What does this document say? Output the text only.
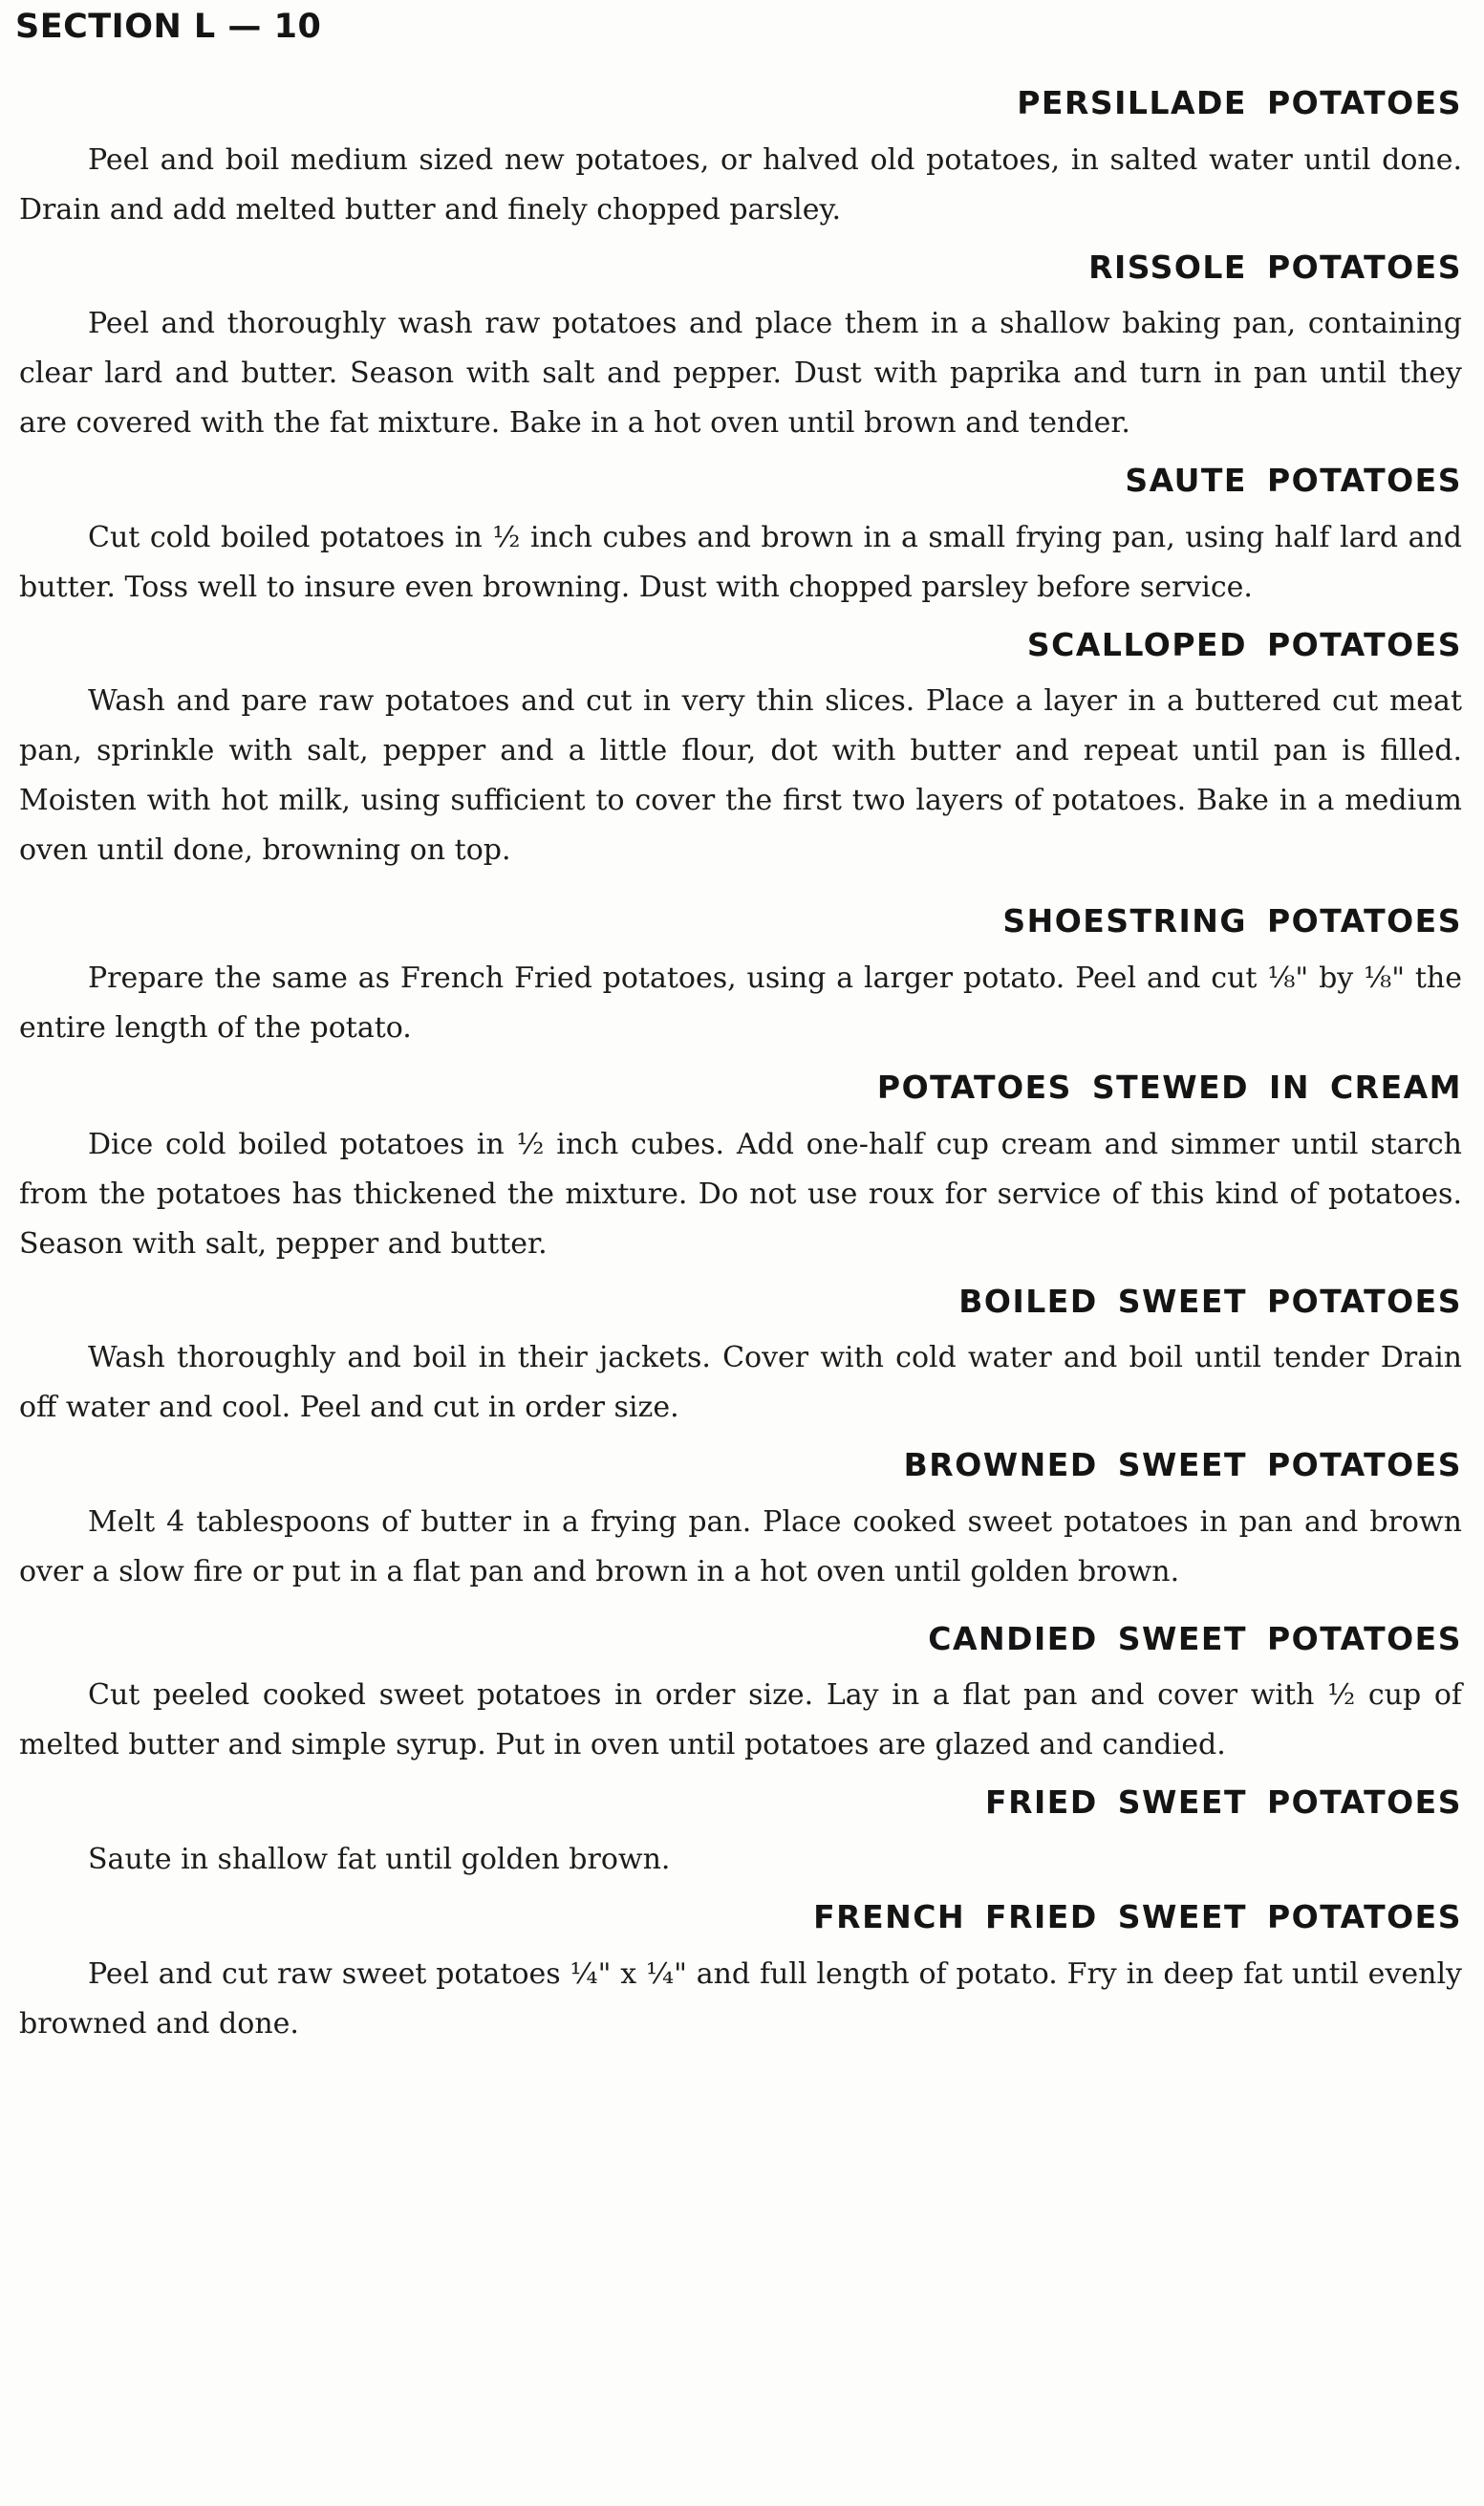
SECTION L — 10
PERSILLADE POTATOES

Peel and boil medium sized new potatoes, or halved old potatoes, in salted water until done. Drain and add melted butter and finely chopped parsley.

RISSOLE POTATOES

Peel and thoroughly wash raw potatoes and place them in a shallow baking pan, containing clear lard and butter. Season with salt and pepper. Dust with paprika and turn in pan until they are covered with the fat mixture. Bake in a hot oven until brown and tender.

SAUTE POTATOES

Cut cold boiled potatoes in ½ inch cubes and brown in a small frying pan, using half lard and butter. Toss well to insure even browning. Dust with chopped parsley before service.

SCALLOPED POTATOES

Wash and pare raw potatoes and cut in very thin slices. Place a layer in a buttered cut meat pan, sprinkle with salt, pepper and a little flour, dot with butter and repeat until pan is filled. Moisten with hot milk, using sufficient to cover the first two layers of potatoes. Bake in a medium oven until done, browning on top.

SHOESTRING POTATOES

Prepare the same as French Fried potatoes, using a larger potato. Peel and cut ⅛" by ⅛" the entire length of the potato.

POTATOES STEWED IN CREAM

Dice cold boiled potatoes in ½ inch cubes. Add one-half cup cream and simmer until starch from the potatoes has thickened the mixture. Do not use roux for service of this kind of potatoes. Season with salt, pepper and butter.

BOILED SWEET POTATOES

Wash thoroughly and boil in their jackets. Cover with cold water and boil until tender Drain off water and cool. Peel and cut in order size.

BROWNED SWEET POTATOES

Melt 4 tablespoons of butter in a frying pan. Place cooked sweet potatoes in pan and brown over a slow fire or put in a flat pan and brown in a hot oven until golden brown.

CANDIED SWEET POTATOES

Cut peeled cooked sweet potatoes in order size. Lay in a flat pan and cover with ½ cup of melted butter and simple syrup. Put in oven until potatoes are glazed and candied.

FRIED SWEET POTATOES

Saute in shallow fat until golden brown.

FRENCH FRIED SWEET POTATOES

Peel and cut raw sweet potatoes ¼" x ¼" and full length of potato. Fry in deep fat until evenly browned and done.
